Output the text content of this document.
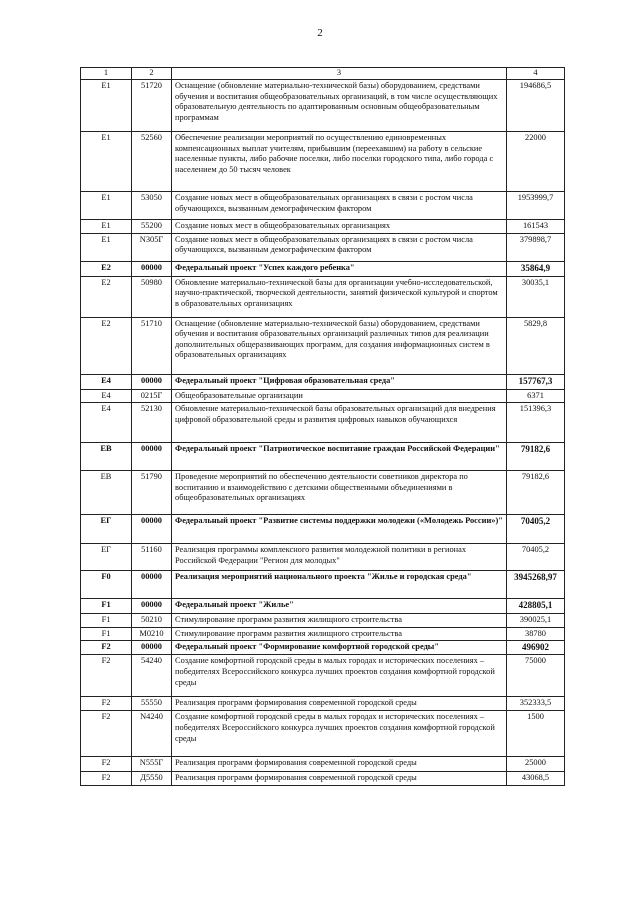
2
1	2	3	4
E1	51720	Оснащение (обновление материально-технической базы) оборудованием, средствами обучения и воспитания общеобразовательных организаций, в том числе осуществляющих образовательную деятельность по адаптированным основным общеобразовательным программам	194686,5
E1	52560	Обеспечение реализации мероприятий по осуществлению единовременных компенсационных выплат учителям, прибывшим (переехавшим) на работу в сельские населенные пункты, либо рабочие поселки, либо поселки городского типа, либо города с населением до 50 тысяч человек	22000
E1	53050	Создание новых мест в общеобразовательных организациях в связи с ростом числа обучающихся, вызванным демографическим фактором	1953999,7
E1	55200	Создание новых мест в общеобразовательных организациях	161543
E1	N305Г	Создание новых мест в общеобразовательных организациях в связи с ростом числа обучающихся, вызванным демографическим фактором	379898,7
E2	00000	Федеральный проект "Успех каждого ребенка"	35864,9
E2	50980	Обновление материально-технической базы для организации учебно-исследовательской, научно-практической, творческой деятельности, занятий физической культурой и спортом в образовательных организациях	30035,1
E2	51710	Оснащение (обновление материально-технической базы) оборудованием, средствами обучения и воспитания образовательных организаций различных типов для реализации дополнительных общеразвивающих программ, для создания информационных систем в образовательных организациях	5829,8
E4	00000	Федеральный проект "Цифровая образовательная среда"	157767,3
E4	0215Г	Общеобразовательные организации	6371
E4	52130	Обновление материально-технической базы образовательных организаций для внедрения цифровой образовательной среды и развития цифровых навыков обучающихся	151396,3
EB	00000	Федеральный проект "Патриотическое воспитание граждан Российской Федерации"	79182,6
EB	51790	Проведение мероприятий по обеспечению деятельности советников директора по воспитанию и взаимодействию с детскими общественными объединениями в общеобразовательных организациях	79182,6
EГ	00000	Федеральный проект "Развитие системы поддержки молодежи («Молодежь России»)"	70405,2
EГ	51160	Реализация программы комплексного развития молодежной политики в регионах Российской Федерации "Регион для молодых"	70405,2
F0	00000	Реализация мероприятий национального проекта "Жилье и городская среда"	3945268,97
F1	00000	Федеральный проект "Жилье"	428805,1
F1	50210	Стимулирование программ развития жилищного строительства	390025,1
F1	M0210	Стимулирование программ развития жилищного строительства	38780
F2	00000	Федеральный проект "Формирование комфортной городской среды"	496902
F2	54240	Создание комфортной городской среды в малых городах и исторических поселениях – победителях Всероссийского конкурса лучших проектов создания комфортной городской среды	75000
F2	55550	Реализация программ формирования современной городской среды	352333,5
F2	N4240	Создание комфортной городской среды в малых городах и исторических поселениях – победителях Всероссийского конкурса лучших проектов создания комфортной городской среды	1500
F2	N555Г	Реализация программ формирования современной городской среды	25000
F2	Д5550	Реализация программ формирования современной городской среды	43068,5
